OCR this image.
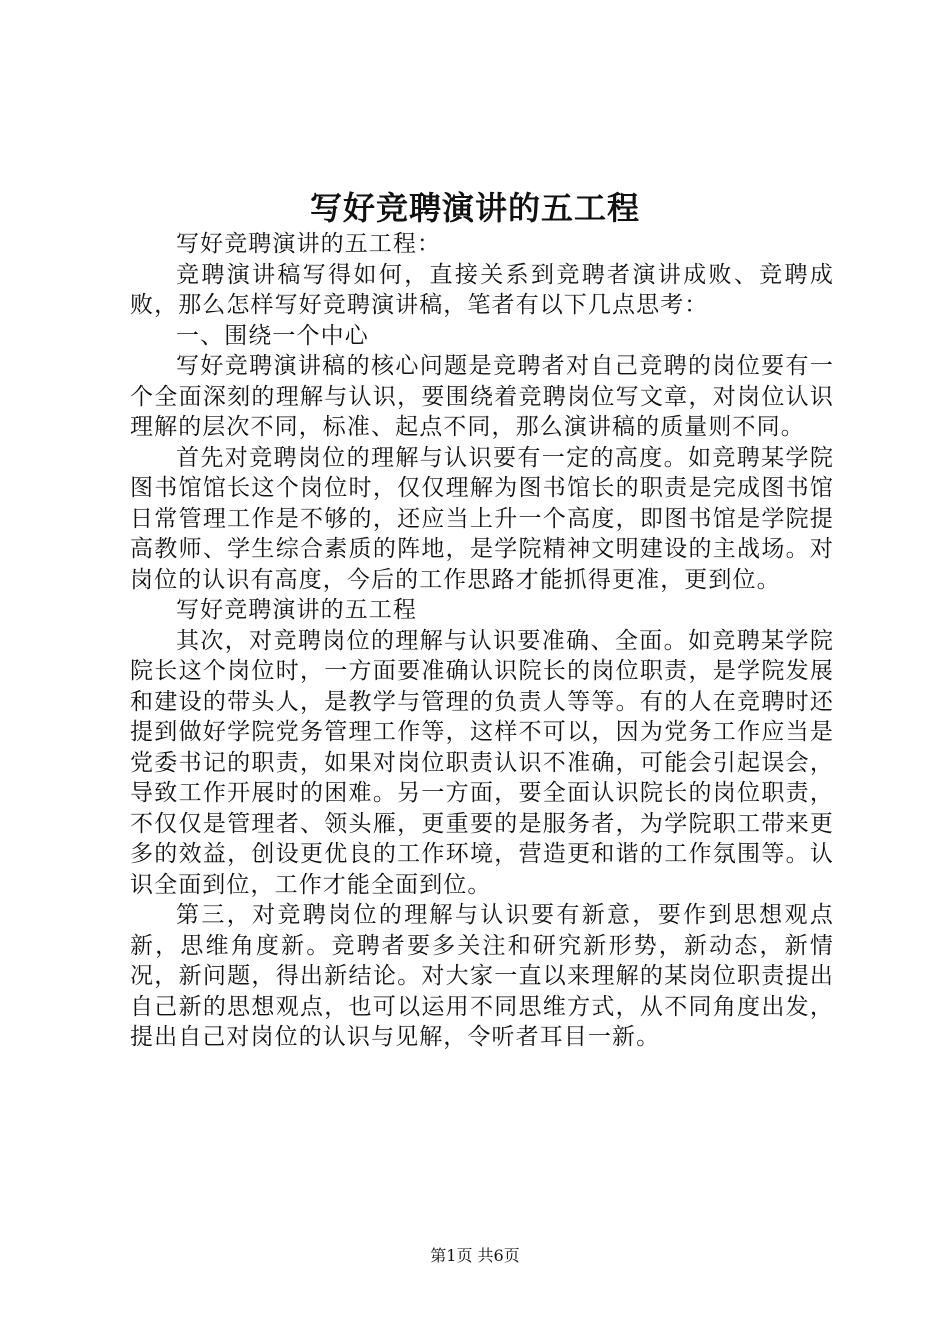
写好竞聘演讲的五工程

写好竞聘演讲的五工程：

竞聘演讲稿写得如何，直接关系到竞聘者演讲成败、竞聘成败，那么怎样写好竞聘演讲稿，笔者有以下几点思考：

一、围绕一个中心

写好竞聘演讲稿的核心问题是竞聘者对自己竞聘的岗位要有一个全面深刻的理解与认识，要围绕着竞聘岗位写文章，对岗位认识理解的层次不同，标准、起点不同，那么演讲稿的质量则不同。

首先对竞聘岗位的理解与认识要有一定的高度。如竞聘某学院图书馆馆长这个岗位时，仅仅理解为图书馆长的职责是完成图书馆日常管理工作是不够的，还应当上升一个高度，即图书馆是学院提高教师、学生综合素质的阵地，是学院精神文明建设的主战场。对岗位的认识有高度，今后的工作思路才能抓得更准，更到位。

写好竞聘演讲的五工程

其次，对竞聘岗位的理解与认识要准确、全面。如竞聘某学院院长这个岗位时，一方面要准确认识院长的岗位职责，是学院发展和建设的带头人，是教学与管理的负责人等等。有的人在竞聘时还提到做好学院党务管理工作等，这样不可以，因为党务工作应当是党委书记的职责，如果对岗位职责认识不准确，可能会引起误会，导致工作开展时的困难。另一方面，要全面认识院长的岗位职责，不仅仅是管理者、领头雁，更重要的是服务者，为学院职工带来更多的效益，创设更优良的工作环境，营造更和谐的工作氛围等。认识全面到位，工作才能全面到位。

第三，对竞聘岗位的理解与认识要有新意，要作到思想观点新，思维角度新。竞聘者要多关注和研究新形势，新动态，新情况，新问题，得出新结论。对大家一直以来理解的某岗位职责提出自己新的思想观点，也可以运用不同思维方式，从不同角度出发，提出自己对岗位的认识与见解，令听者耳目一新。

第1页 共6页
